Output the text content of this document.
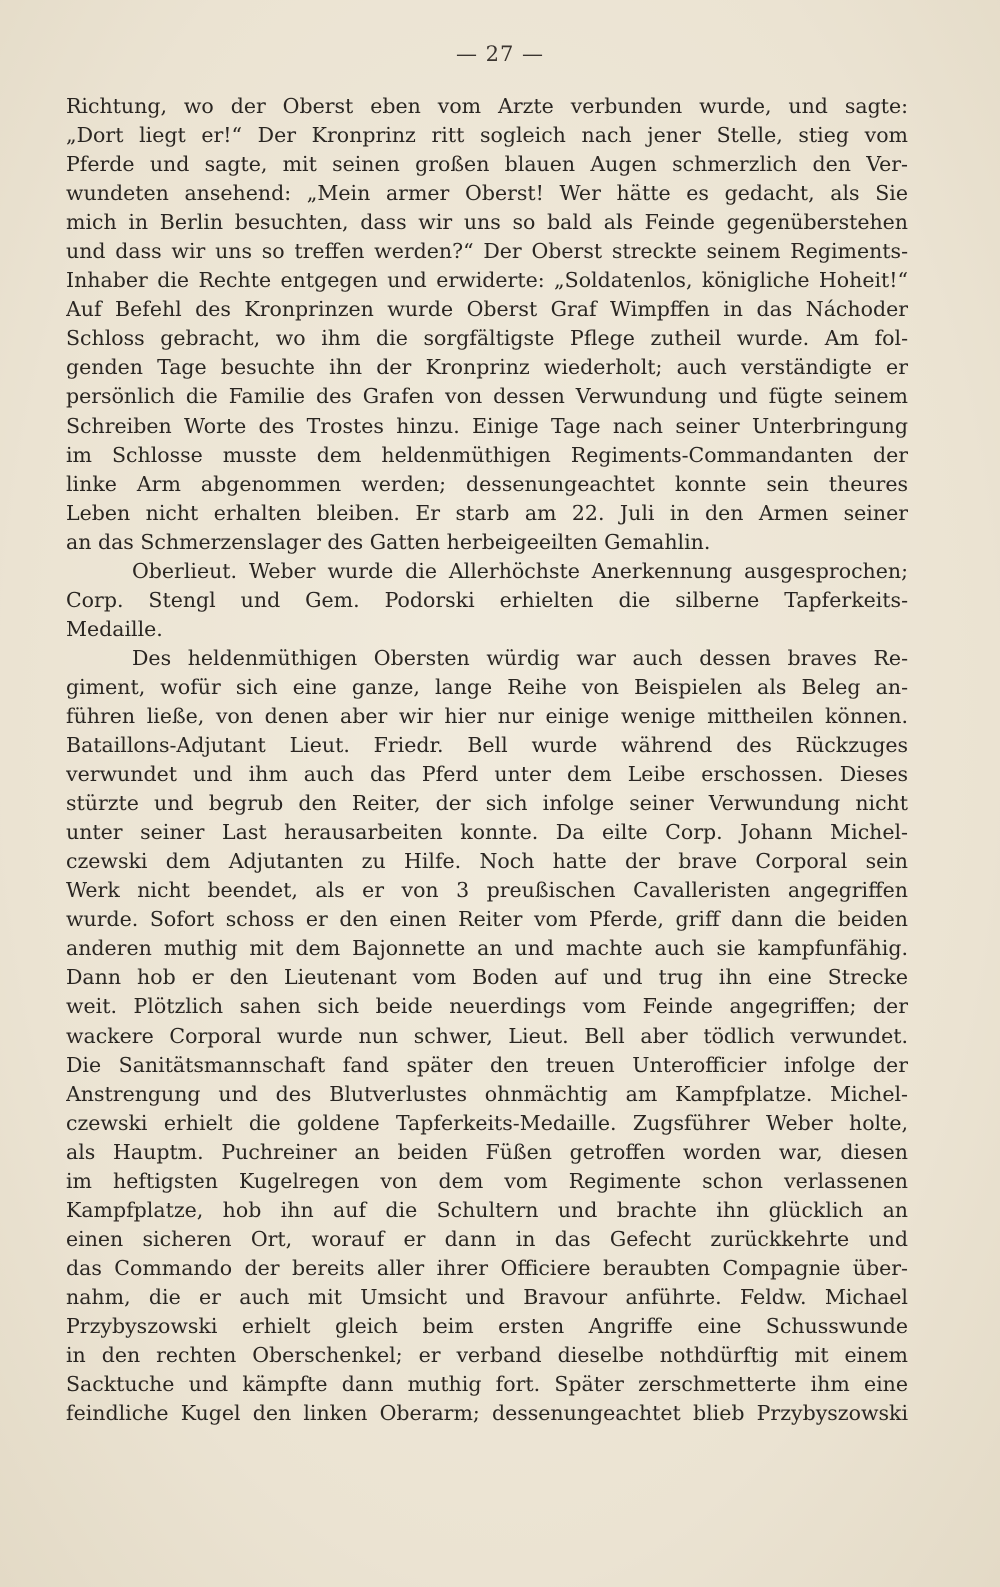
— 27 —
Richtung, wo der Oberst eben vom Arzte verbunden wurde, und sagte:
„Dort liegt er!“ Der Kronprinz ritt sogleich nach jener Stelle, stieg vom
Pferde und sagte, mit seinen großen blauen Augen schmerzlich den Ver-
wundeten ansehend: „Mein armer Oberst! Wer hätte es gedacht, als Sie
mich in Berlin besuchten, dass wir uns so bald als Feinde gegenüberstehen
und dass wir uns so treffen werden?“ Der Oberst streckte seinem Regiments-
Inhaber die Rechte entgegen und erwiderte: „Soldatenlos, königliche Hoheit!“
Auf Befehl des Kronprinzen wurde Oberst Graf Wimpffen in das Náchoder
Schloss gebracht, wo ihm die sorgfältigste Pflege zutheil wurde. Am fol-
genden Tage besuchte ihn der Kronprinz wiederholt; auch verständigte er
persönlich die Familie des Grafen von dessen Verwundung und fügte seinem
Schreiben Worte des Trostes hinzu. Einige Tage nach seiner Unterbringung
im Schlosse musste dem heldenmüthigen Regiments-Commandanten der
linke Arm abgenommen werden; dessenungeachtet konnte sein theures
Leben nicht erhalten bleiben. Er starb am 22. Juli in den Armen seiner
an das Schmerzenslager des Gatten herbeigeeilten Gemahlin.
Oberlieut. Weber wurde die Allerhöchste Anerkennung ausgesprochen;
Corp. Stengl und Gem. Podorski erhielten die silberne Tapferkeits-
Medaille.
Des heldenmüthigen Obersten würdig war auch dessen braves Re-
giment, wofür sich eine ganze, lange Reihe von Beispielen als Beleg an-
führen ließe, von denen aber wir hier nur einige wenige mittheilen können.
Bataillons-Adjutant Lieut. Friedr. Bell wurde während des Rückzuges
verwundet und ihm auch das Pferd unter dem Leibe erschossen. Dieses
stürzte und begrub den Reiter, der sich infolge seiner Verwundung nicht
unter seiner Last herausarbeiten konnte. Da eilte Corp. Johann Michel-
czewski dem Adjutanten zu Hilfe. Noch hatte der brave Corporal sein
Werk nicht beendet, als er von 3 preußischen Cavalleristen angegriffen
wurde. Sofort schoss er den einen Reiter vom Pferde, griff dann die beiden
anderen muthig mit dem Bajonnette an und machte auch sie kampfunfähig.
Dann hob er den Lieutenant vom Boden auf und trug ihn eine Strecke
weit. Plötzlich sahen sich beide neuerdings vom Feinde angegriffen; der
wackere Corporal wurde nun schwer, Lieut. Bell aber tödlich verwundet.
Die Sanitätsmannschaft fand später den treuen Unterofficier infolge der
Anstrengung und des Blutverlustes ohnmächtig am Kampfplatze. Michel-
czewski erhielt die goldene Tapferkeits-Medaille. Zugsführer Weber holte,
als Hauptm. Puchreiner an beiden Füßen getroffen worden war, diesen
im heftigsten Kugelregen von dem vom Regimente schon verlassenen
Kampfplatze, hob ihn auf die Schultern und brachte ihn glücklich an
einen sicheren Ort, worauf er dann in das Gefecht zurückkehrte und
das Commando der bereits aller ihrer Officiere beraubten Compagnie über-
nahm, die er auch mit Umsicht und Bravour anführte. Feldw. Michael
Przybyszowski erhielt gleich beim ersten Angriffe eine Schusswunde
in den rechten Oberschenkel; er verband dieselbe nothdürftig mit einem
Sacktuche und kämpfte dann muthig fort. Später zerschmetterte ihm eine
feindliche Kugel den linken Oberarm; dessenungeachtet blieb Przybyszowski
